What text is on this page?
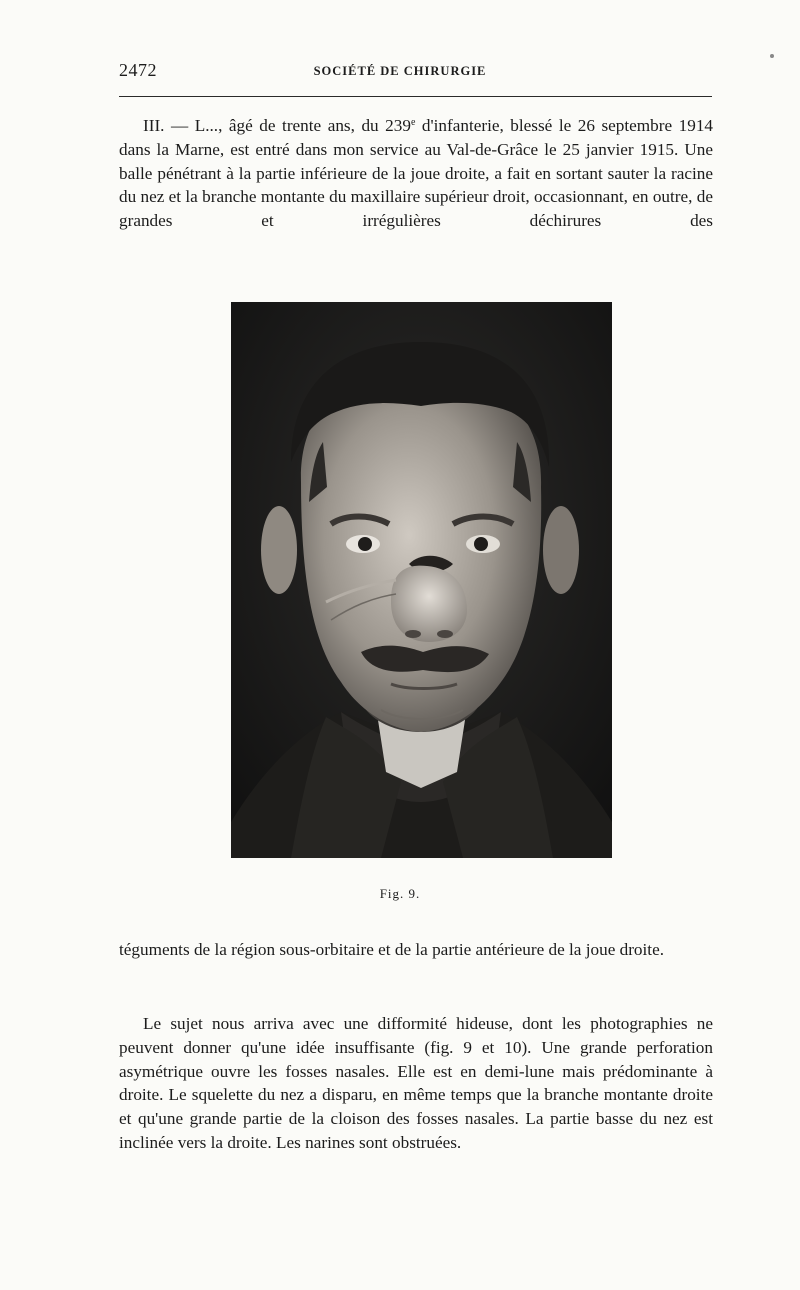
2472	SOCIÉTÉ DE CHIRURGIE

III. — L..., âgé de trente ans, du 239e d'infanterie, blessé le 26 septembre 1914 dans la Marne, est entré dans mon service au Val-de-Grâce le 25 janvier 1915. Une balle pénétrant à la partie inférieure de la joue droite, a fait en sortant sauter la racine du nez et la branche montante du maxillaire supérieur droit, occasionnant, en outre, de grandes et irrégulières déchirures des

Fig. 9.

téguments de la région sous-orbitaire et de la partie antérieure de la joue droite.

Le sujet nous arriva avec une difformité hideuse, dont les photographies ne peuvent donner qu'une idée insuffisante (fig. 9 et 10). Une grande perforation asymétrique ouvre les fosses nasales. Elle est en demi-lune mais prédominante à droite. Le squelette du nez a disparu, en même temps que la branche montante droite et qu'une grande partie de la cloison des fosses nasales. La partie basse du nez est inclinée vers la droite. Les narines sont obstruées.
